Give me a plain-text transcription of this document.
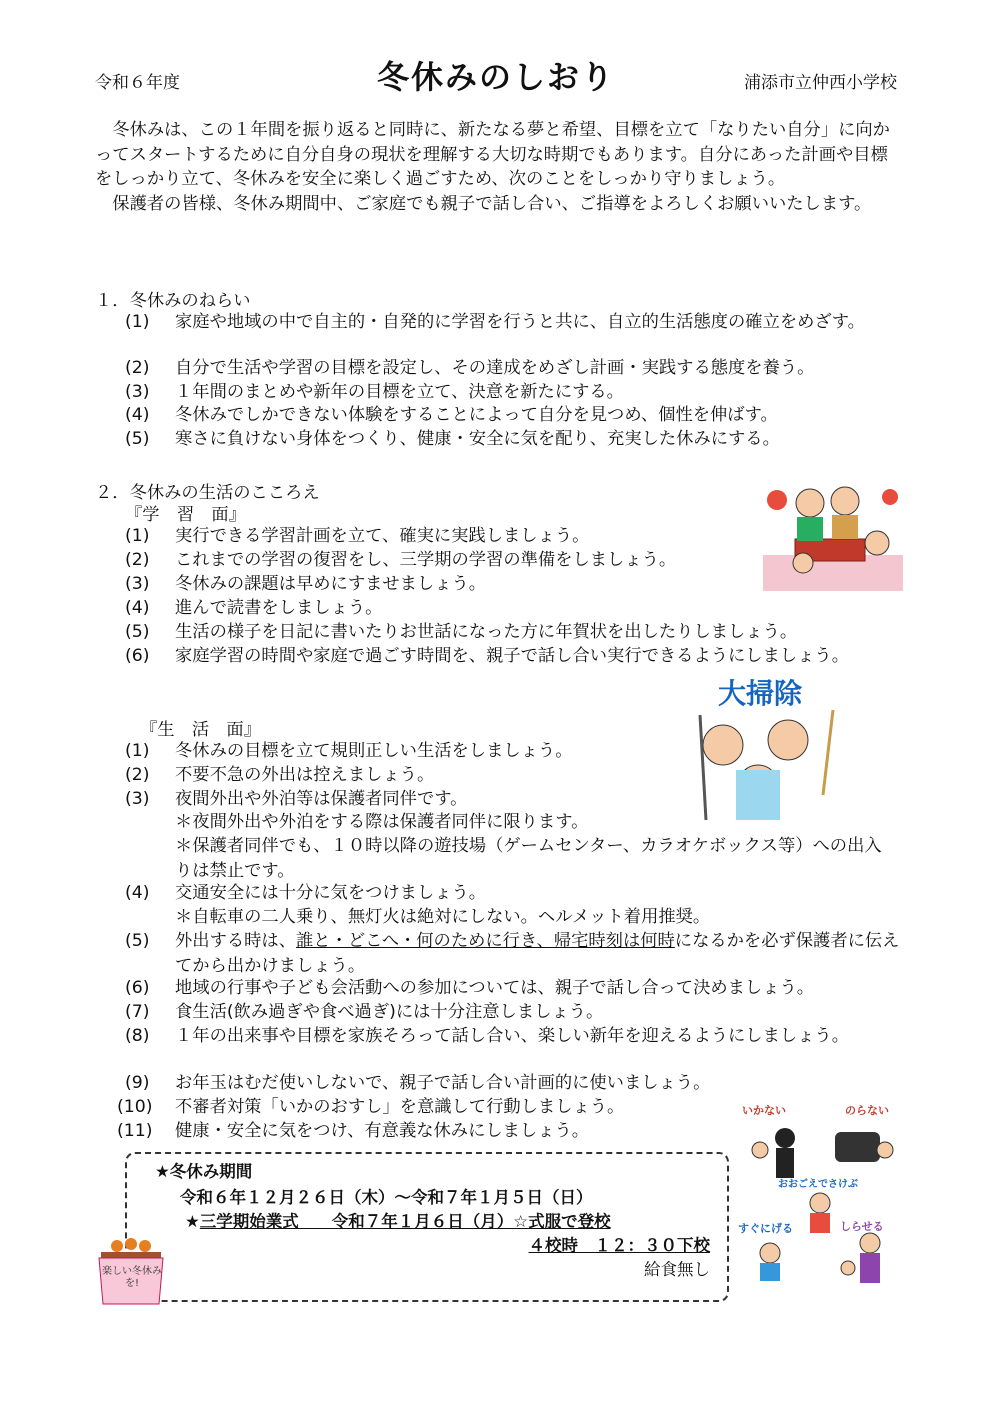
令和６年度	冬休みのしおり	浦添市立仲西小学校

冬休みは、この１年間を振り返ると同時に、新たなる夢と希望、目標を立て「なりたい自分」に向かってスタートするために自分自身の現状を理解する大切な時期でもあります。自分にあった計画や目標をしっかり立て、冬休みを安全に楽しく過ごすため、次のことをしっかり守りましょう。

保護者の皆様、冬休み期間中、ご家庭でも親子で話し合い、ご指導をよろしくお願いいたします。

１．冬休みのねらい
(1) 家庭や地域の中で自主的・自発的に学習を行うと共に、自立的生活態度の確立をめざす。
(2) 自分で生活や学習の目標を設定し、その達成をめざし計画・実践する態度を養う。
(3) １年間のまとめや新年の目標を立て、決意を新たにする。
(4) 冬休みでしかできない体験をすることによって自分を見つめ、個性を伸ばす。
(5) 寒さに負けない身体をつくり、健康・安全に気を配り、充実した休みにする。
２．冬休みの生活のこころえ
『学　習　面』
(1) 実行できる学習計画を立て、確実に実践しましょう。
(2) これまでの学習の復習をし、三学期の学習の準備をしましょう。
(3) 冬休みの課題は早めにすませましょう。
(4) 進んで読書をしましょう。
(5) 生活の様子を日記に書いたりお世話になった方に年賀状を出したりしましょう。
(6) 家庭学習の時間や家庭で過ごす時間を、親子で話し合い実行できるようにしましょう。
『生　活　面』
(1) 冬休みの目標を立て規則正しい生活をしましょう。
(2) 不要不急の外出は控えましょう。
(3) 夜間外出や外泊等は保護者同伴です。
＊夜間外出や外泊をする際は保護者同伴に限ります。
＊保護者同伴でも、１０時以降の遊技場（ゲームセンター、カラオケボックス等）への出入りは禁止です。
(4) 交通安全には十分に気をつけましょう。
＊自転車の二人乗り、無灯火は絶対にしない。ヘルメット着用推奨。
(5) 外出する時は、誰と・どこへ・何のために行き、帰宅時刻は何時になるかを必ず保護者に伝えてから出かけましょう。
(6) 地域の行事や子ども会活動への参加については、親子で話し合って決めましょう。
(7) 食生活(飲み過ぎや食べ過ぎ)には十分注意しましょう。
(8) １年の出来事や目標を家族そろって話し合い、楽しい新年を迎えるようにしましょう。
(9) お年玉はむだ使いしないで、親子で話し合い計画的に使いましょう。
(10) 不審者対策「いかのおすし」を意識して行動しましょう。
(11) 健康・安全に気をつけ、有意義な休みにしましょう。
★冬休み期間
令和６年１２月２６日（木）～令和７年１月５日（日）
★三学期始業式　　令和７年１月６日（月）☆式服で登校
４校時　１２：３０下校
給食無し
大掃除
いかない	のらない
おおごえでさけぶ
すぐにげる	しらせる
楽しい冬休みを!
